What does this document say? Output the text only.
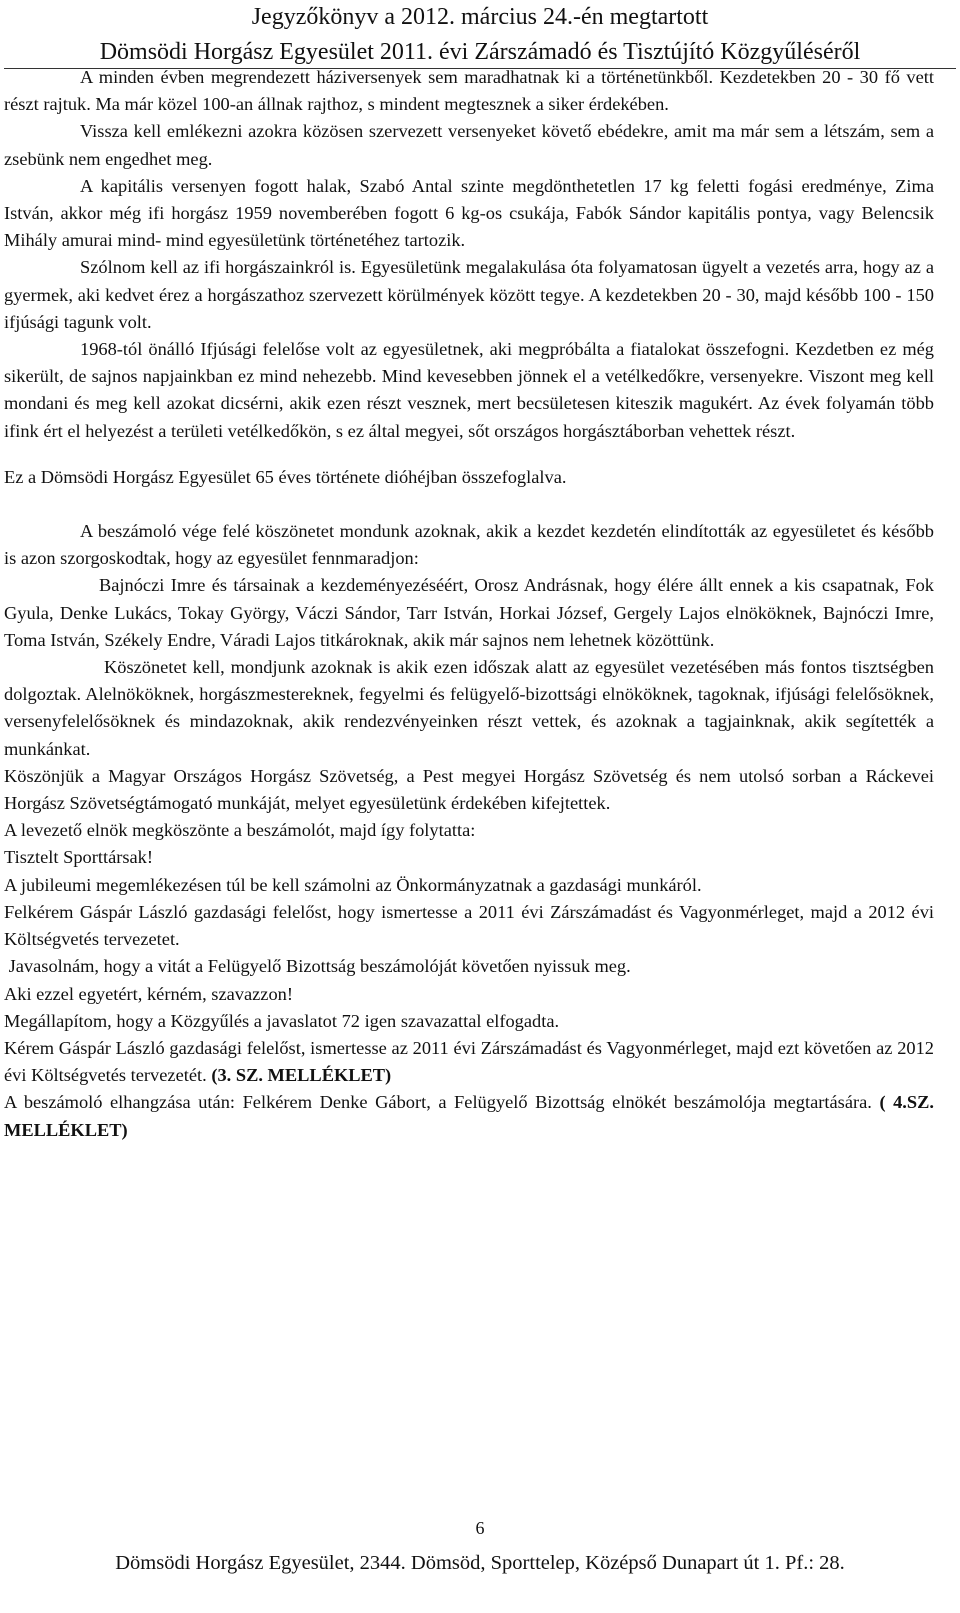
Jegyzőkönyv a 2012. március 24.-én megtartott
Dömsödi Horgász Egyesület 2011. évi Zárszámadó és Tisztújító Közgyűléséről

A minden évben megrendezett háziversenyek sem maradhatnak ki a történetünkből. Kezdetekben 20 - 30 fő vett részt rajtuk. Ma már közel 100-an állnak rajthoz, s mindent megtesznek a siker érdekében.

Vissza kell emlékezni azokra közösen szervezett versenyeket követő ebédekre, amit ma már sem a létszám, sem a zsebünk nem engedhet meg.

A kapitális versenyen fogott halak, Szabó Antal szinte megdönthetetlen 17 kg feletti fogási eredménye, Zima István, akkor még ifi horgász 1959 novemberében fogott 6 kg-os csukája, Fabók Sándor kapitális pontya, vagy Belencsik Mihály amurai mind- mind egyesületünk történetéhez tartozik.

Szólnom kell az ifi horgászainkról is. Egyesületünk megalakulása óta folyamatosan ügyelt a vezetés arra, hogy az a gyermek, aki kedvet érez a horgászathoz szervezett körülmények között tegye. A kezdetekben 20 - 30, majd később 100 - 150 ifjúsági tagunk volt.

1968-tól önálló Ifjúsági felelőse volt az egyesületnek, aki megpróbálta a fiatalokat összefogni. Kezdetben ez még sikerült, de sajnos napjainkban ez mind nehezebb. Mind kevesebben jönnek el a vetélkedőkre, versenyekre. Viszont meg kell mondani és meg kell azokat dicsérni, akik ezen részt vesznek, mert becsületesen kiteszik magukért. Az évek folyamán több ifink ért el helyezést a területi vetélkedőkön, s ez által megyei, sőt országos horgásztáborban vehettek részt.

Ez a Dömsödi Horgász Egyesület 65 éves története dióhéjban összefoglalva.

A beszámoló vége felé köszönetet mondunk azoknak, akik a kezdet kezdetén elindították az egyesületet és később is azon szorgoskodtak, hogy az egyesület fennmaradjon:

Bajnóczi Imre és társainak a kezdeményezéséért, Orosz Andrásnak, hogy élére állt ennek a kis csapatnak, Fok Gyula, Denke Lukács, Tokay György, Váczi Sándor, Tarr István, Horkai József, Gergely Lajos elnököknek, Bajnóczi Imre, Toma István, Székely Endre, Váradi Lajos titkároknak, akik már sajnos nem lehetnek közöttünk.

Köszönetet kell, mondjunk azoknak is akik ezen időszak alatt az egyesület vezetésében más fontos tisztségben dolgoztak. Alelnököknek, horgászmestereknek, fegyelmi és felügyelő-bizottsági elnököknek, tagoknak, ifjúsági felelősöknek, versenyfelelősöknek és mindazoknak, akik rendezvényeinken részt vettek, és azoknak a tagjainknak, akik segítették a munkánkat.

Köszönjük a Magyar Országos Horgász Szövetség, a Pest megyei Horgász Szövetség és nem utolsó sorban a Ráckevei Horgász Szövetségtámogató munkáját, melyet egyesületünk érdekében kifejtettek.

A levezető elnök megköszönte a beszámolót, majd így folytatta:

Tisztelt Sporttársak!

A jubileumi megemlékezésen túl be kell számolni az Önkormányzatnak a gazdasági munkáról.

Felkérem Gáspár László gazdasági felelőst, hogy ismertesse a 2011 évi Zárszámadást és Vagyonmérleget, majd a 2012 évi Költségvetés tervezetet.

Javasolnám, hogy a vitát a Felügyelő Bizottság beszámolóját követően nyissuk meg.

Aki ezzel egyetért, kérném, szavazzon!

Megállapítom, hogy a Közgyűlés a javaslatot 72 igen szavazattal elfogadta.

Kérem Gáspár László gazdasági felelőst, ismertesse az 2011 évi Zárszámadást és Vagyonmérleget, majd ezt követően az 2012 évi Költségvetés tervezetét. (3. SZ. MELLÉKLET)

A beszámoló elhangzása után: Felkérem Denke Gábort, a Felügyelő Bizottság elnökét beszámolója megtartására. ( 4.SZ. MELLÉKLET)

6
Dömsödi Horgász Egyesület, 2344. Dömsöd, Sporttelep, Középső Dunapart út 1. Pf.: 28.
